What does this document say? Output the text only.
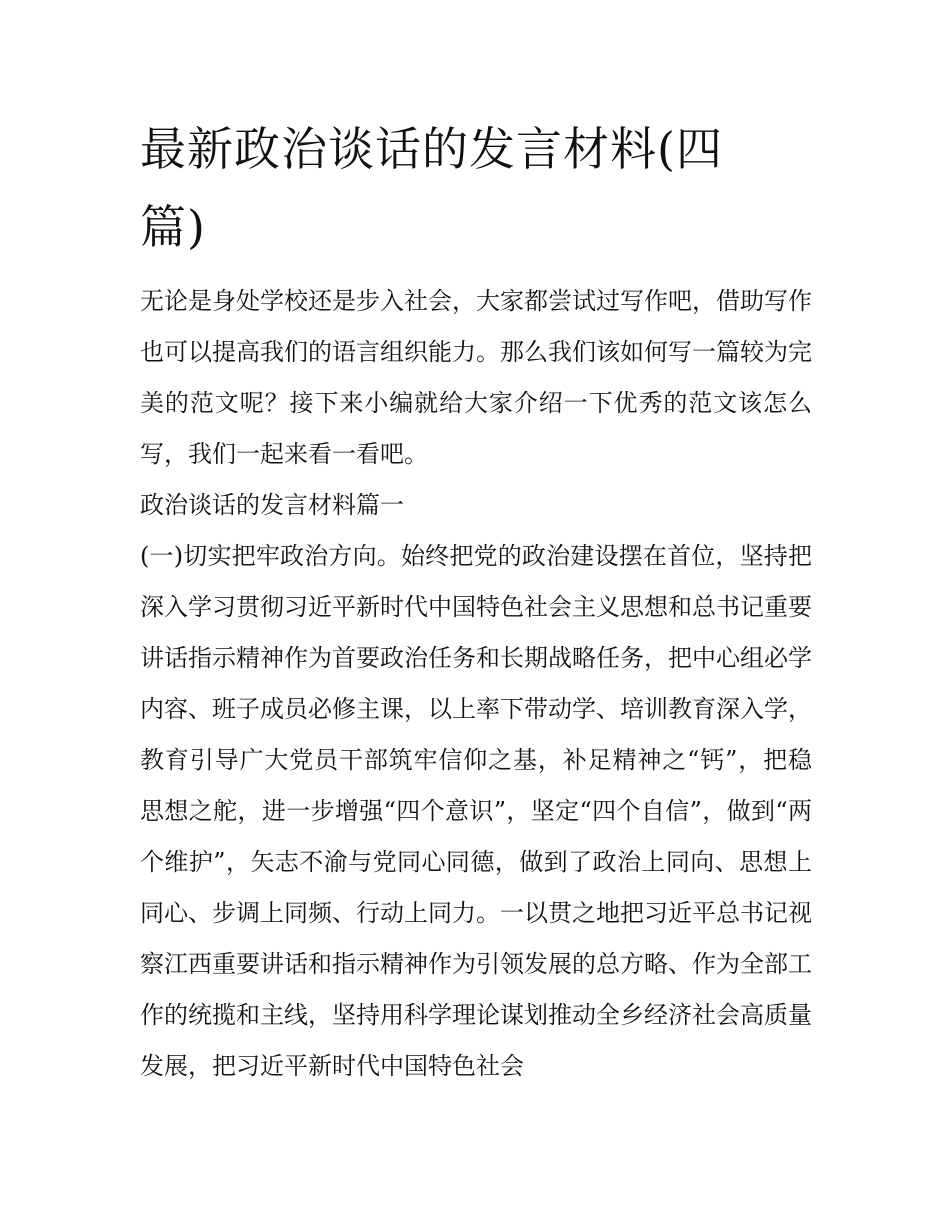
最新政治谈话的发言材料(四
篇)

无论是身处学校还是步入社会，大家都尝试过写作吧，借助写作也可以提高我们的语言组织能力。那么我们该如何写一篇较为完美的范文呢？接下来小编就给大家介绍一下优秀的范文该怎么写，我们一起来看一看吧。

政治谈话的发言材料篇一

(一)切实把牢政治方向。始终把党的政治建设摆在首位，坚持把深入学习贯彻习近平新时代中国特色社会主义思想和总书记重要讲话指示精神作为首要政治任务和长期战略任务，把中心组必学内容、班子成员必修主课，以上率下带动学、培训教育深入学，教育引导广大党员干部筑牢信仰之基，补足精神之“钙”，把稳思想之舵，进一步增强“四个意识”，坚定“四个自信”，做到“两个维护”，矢志不渝与党同心同德，做到了政治上同向、思想上同心、步调上同频、行动上同力。一以贯之地把习近平总书记视察江西重要讲话和指示精神作为引领发展的总方略、作为全部工作的统揽和主线，坚持用科学理论谋划推动全乡经济社会高质量发展，把习近平新时代中国特色社会
